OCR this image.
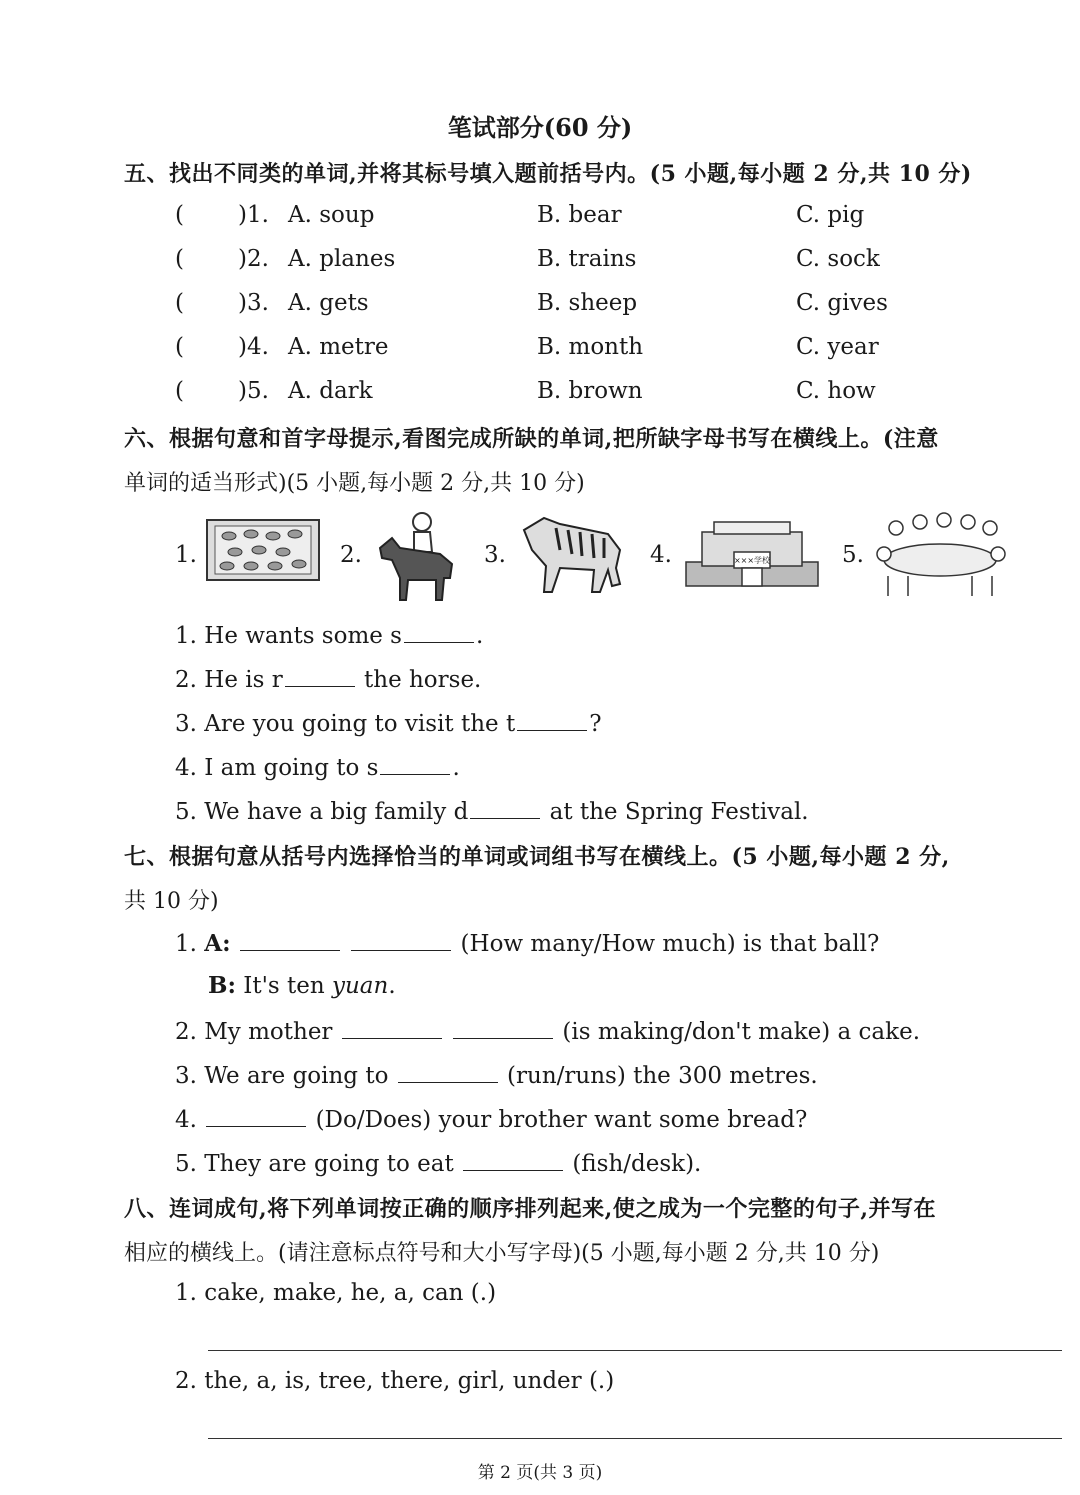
笔试部分(60 分)
五、找出不同类的单词,并将其标号填入题前括号内。(5 小题,每小题 2 分,共 10 分)
( )1. A. soup	B. bear	C. pig
( )2. A. planes	B. trains	C. sock
( )3. A. gets	B. sheep	C. gives
( )4. A. metre	B. month	C. year
( )5. A. dark	B. brown	C. how
六、根据句意和首字母提示,看图完成所缺的单词,把所缺字母书写在横线上。(注意
单词的适当形式)(5 小题,每小题 2 分,共 10 分)
1.	2.	3.	4.	×××学校	5.
1. He wants some s	.
2. He is r	the horse.
3. Are you going to visit the t	?
4. I am going to s	.
5. We have a big family d	at the Spring Festival.
七、根据句意从括号内选择恰当的单词或词组书写在横线上。(5 小题,每小题 2 分,
共 10 分)
1. A:	(How many/How much) is that ball?
B: It's ten yuan.
2. My mother	(is making/don't make) a cake.
3. We are going to	(run/runs) the 300 metres.
4.	(Do/Does) your brother want some bread?
5. They are going to eat	(fish/desk).
八、连词成句,将下列单词按正确的顺序排列起来,使之成为一个完整的句子,并写在
相应的横线上。(请注意标点符号和大小写字母)(5 小题,每小题 2 分,共 10 分)
1. cake, make, he, a, can (.)
2. the, a, is, tree, there, girl, under (.)
第 2 页(共 3 页)
